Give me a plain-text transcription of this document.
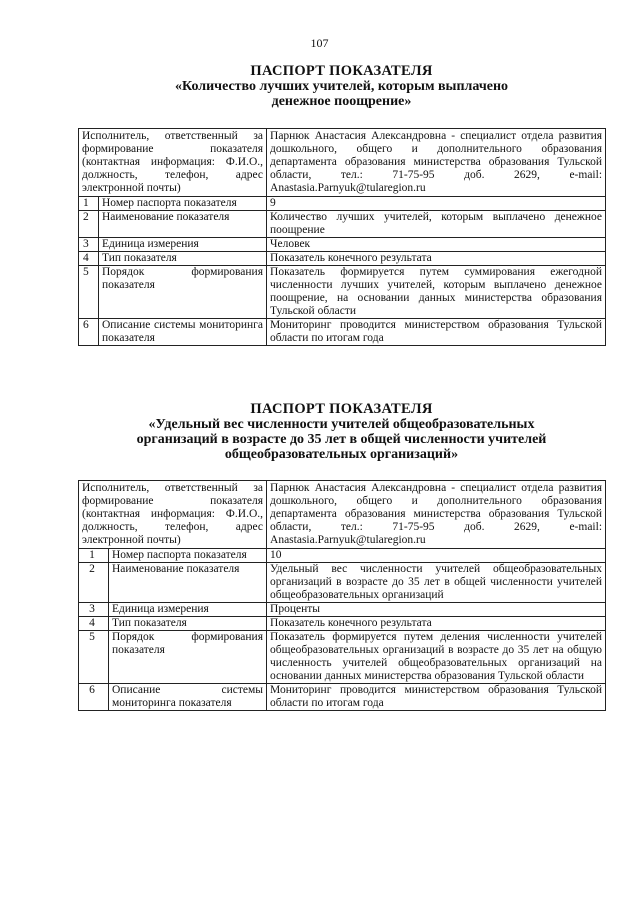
107
ПАСПОРТ ПОКАЗАТЕЛЯ
«Количество лучших учителей, которым выплачено
денежное поощрение»
Исполнитель, ответственный за формирование показателя (контактная информация: Ф.И.О., должность, телефон, адрес электронной почты)		Парнюк Анастасия Александровна - специалист отдела развития дошкольного, общего и дополнительного образования департамента образования министерства образования Тульской области, тел.: 71-75-95 доб. 2629, e-mail: Anastasia.Parnyuk@tularegion.ru
1	Номер паспорта показателя	9
2	Наименование показателя	Количество лучших учителей, которым выплачено денежное поощрение
3	Единица измерения	Человек
4	Тип показателя	Показатель конечного результата
5	Порядок формирования показателя	Показатель формируется путем суммирования ежегодной численности лучших учителей, которым выплачено денежное поощрение, на основании данных министерства образования Тульской области
6	Описание системы мониторинга показателя	Мониторинг проводится министерством образования Тульской области по итогам года
ПАСПОРТ ПОКАЗАТЕЛЯ
«Удельный вес численности учителей общеобразовательных
организаций в возрасте до 35 лет в общей численности учителей
общеобразовательных организаций»
Исполнитель, ответственный за формирование показателя (контактная информация: Ф.И.О., должность, телефон, адрес электронной почты)		Парнюк Анастасия Александровна - специалист отдела развития дошкольного, общего и дополнительного образования департамента образования министерства образования Тульской области, тел.: 71-75-95 доб. 2629, e-mail: Anastasia.Parnyuk@tularegion.ru
1	Номер паспорта показателя	10
2	Наименование показателя	Удельный вес численности учителей общеобразовательных организаций в возрасте до 35 лет в общей численности учителей общеобразовательных организаций
3	Единица измерения	Проценты
4	Тип показателя	Показатель конечного результата
5	Порядок формирования показателя	Показатель формируется путем деления численности учителей общеобразовательных организаций в возрасте до 35 лет на общую численность учителей общеобразовательных организаций на основании данных министерства образования Тульской области
6	Описание системы мониторинга показателя	Мониторинг проводится министерством образования Тульской области по итогам года
